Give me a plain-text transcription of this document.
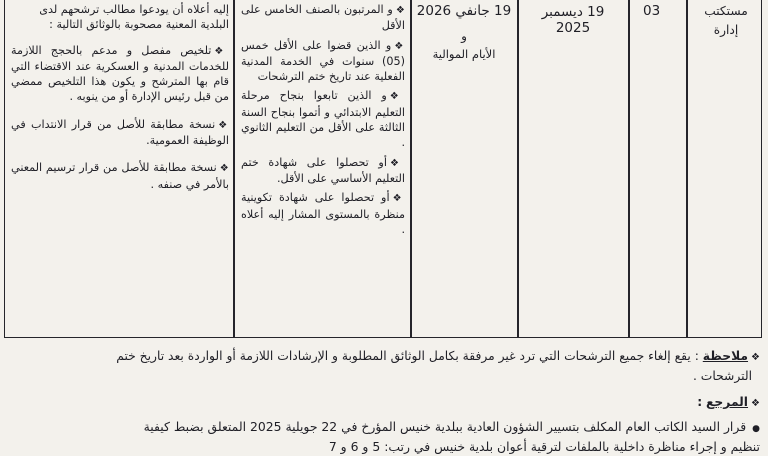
مستكتب
إدارة
03
19 ديسمبر 2025
19 جانفي 2026
و
الأيام الموالية
❖و المرتبون بالصنف الخامس على الأقل
❖و الذين قضوا على الأقل خمس (05) سنوات في الخدمة المدنية الفعلية عند تاريخ ختم الترشحات
❖و الذين تابعوا بنجاح مرحلة التعليم الابتدائي و أتموا بنجاح السنة الثالثة على الأقل من التعليم الثانوي .
❖أو تحصلوا على شهادة ختم التعليم الأساسي على الأقل.
❖أو تحصلوا على شهادة تكوينية منظرة بالمستوى المشار إليه أعلاه .
إليه أعلاه أن يودعوا مطالب ترشحهم لدى
البلدية المعنية مصحوبة بالوثائق التالية :
❖تلخيص مفصل و مدعم بالحجج اللازمة للخدمات المدنية و العسكرية عند الاقتضاء التي قام بها المترشح و يكون هذا التلخيص ممضي من قبل رئيس الإدارة أو من ينوبه .
❖نسخة مطابقة للأصل من قرار الانتداب في الوظيفة العمومية.
❖نسخة مطابقة للأصل من قرار ترسيم المعني بالأمر في صنفه .
❖ملاحظة : يقع إلغاء جميع الترشحات التي ترد غير مرفقة بكامل الوثائق المطلوبة و الإرشادات اللازمة أو الواردة بعد تاريخ ختم
الترشحات .
❖المرجع :
●قرار السيد الكاتب العام المكلف بتسيير الشؤون العادية ببلدية خنيس المؤرخ في 22 جويلية 2025 المتعلق بضبط كيفية
تنظيم و إجراء مناظرة داخلية بالملفات لترقية أعوان بلدية خنيس في رتب: 5 و 6 و 7
